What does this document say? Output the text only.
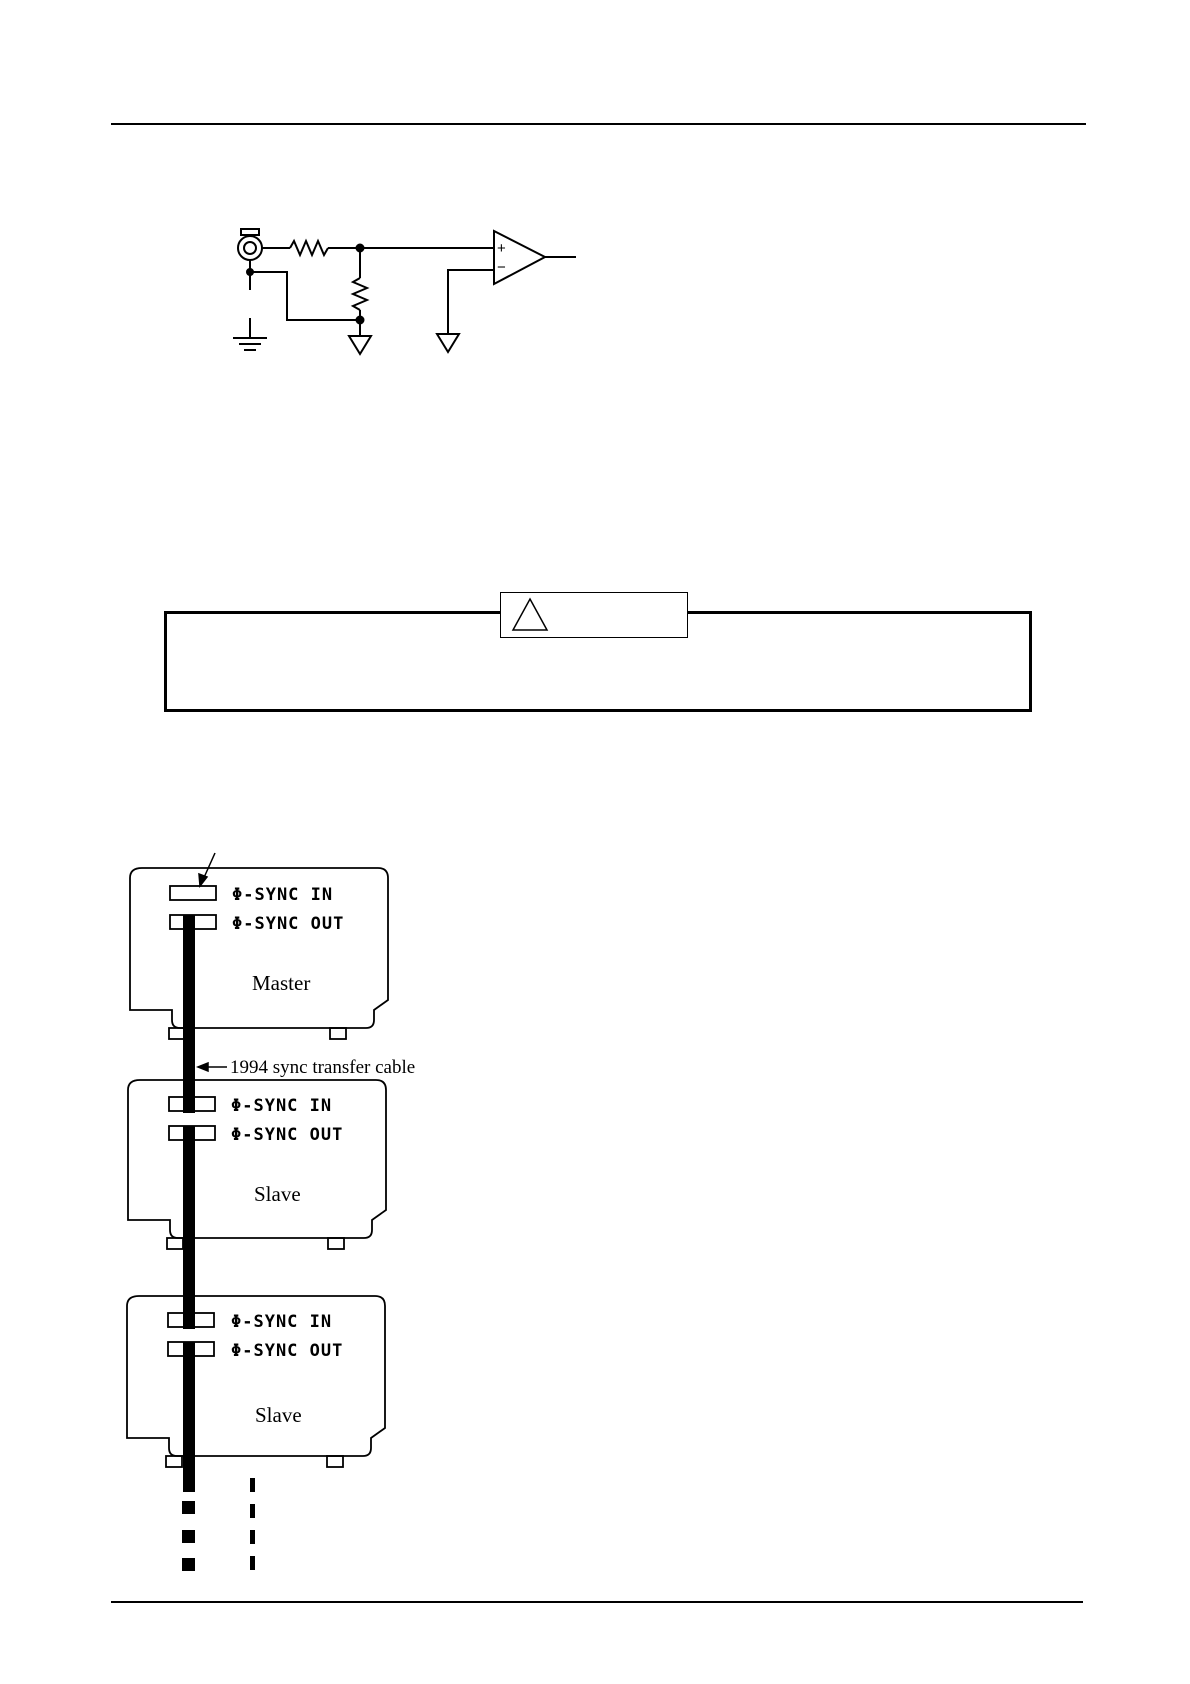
+
−
Φ-SYNC IN
Φ-SYNC OUT
Master
1994 sync transfer cable
Φ-SYNC IN
Φ-SYNC OUT
Slave
Φ-SYNC IN
Φ-SYNC OUT
Slave
